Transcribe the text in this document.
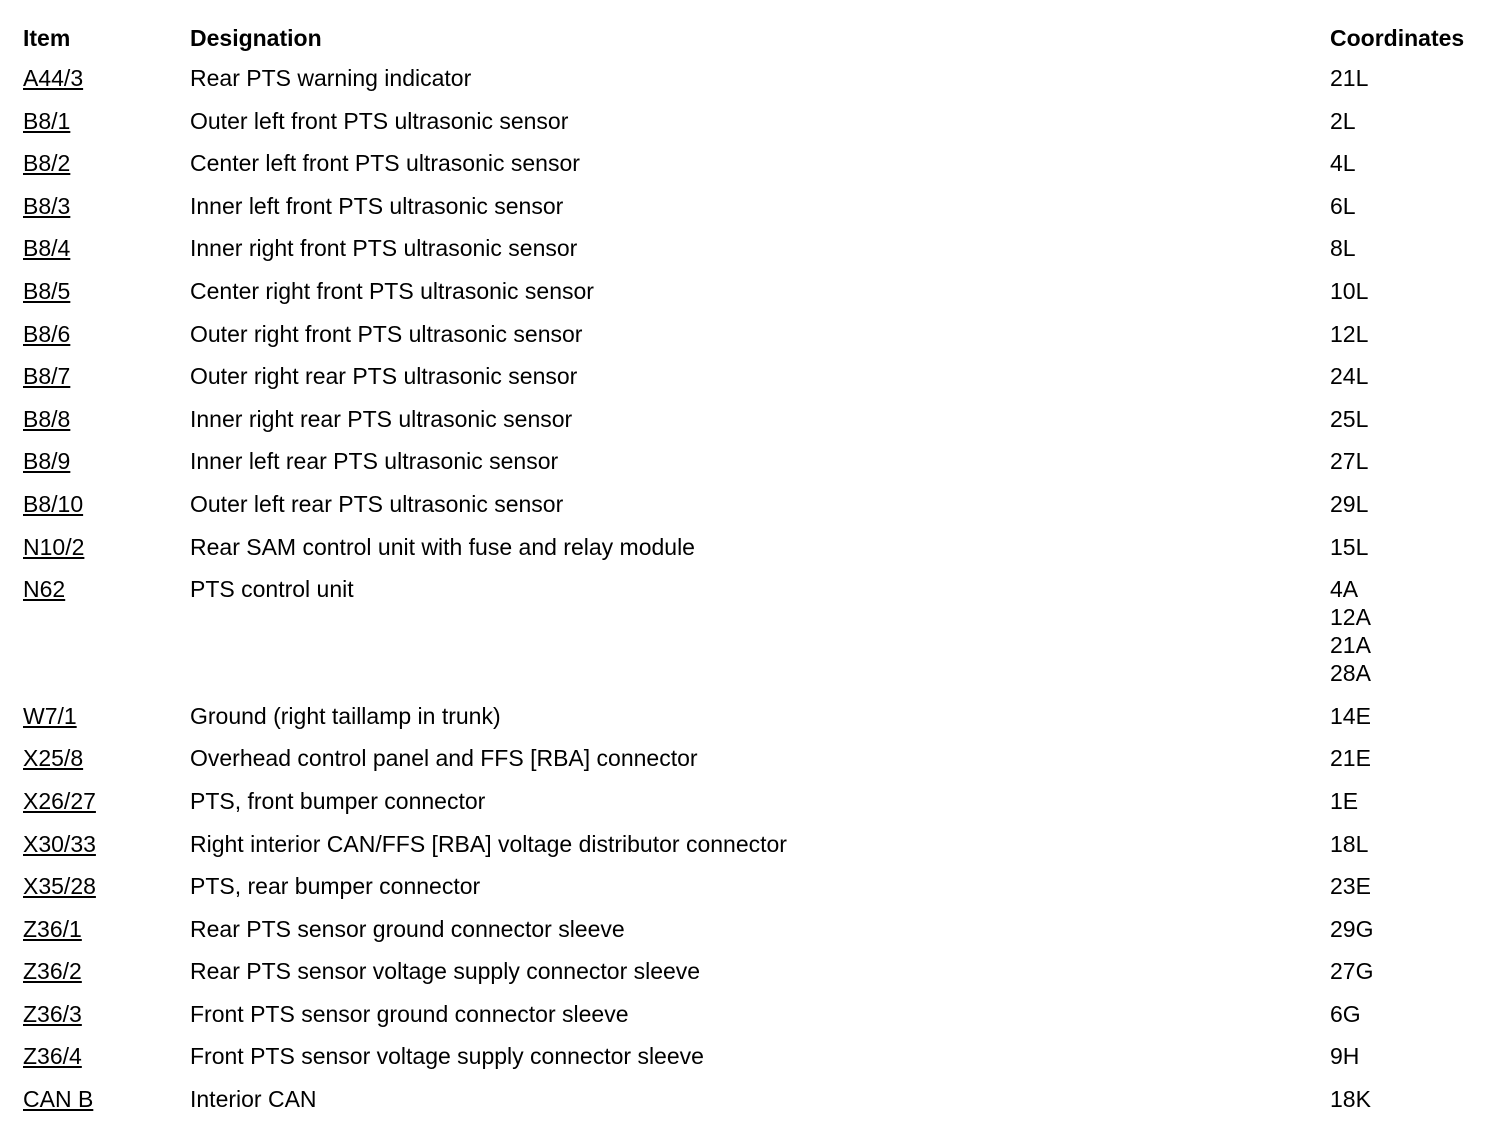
Item	Designation	Coordinates
A44/3	Rear PTS warning indicator	21L
B8/1	Outer left front PTS ultrasonic sensor	2L
B8/2	Center left front PTS ultrasonic sensor	4L
B8/3	Inner left front PTS ultrasonic sensor	6L
B8/4	Inner right front PTS ultrasonic sensor	8L
B8/5	Center right front PTS ultrasonic sensor	10L
B8/6	Outer right front PTS ultrasonic sensor	12L
B8/7	Outer right rear PTS ultrasonic sensor	24L
B8/8	Inner right rear PTS ultrasonic sensor	25L
B8/9	Inner left rear PTS ultrasonic sensor	27L
B8/10	Outer left rear PTS ultrasonic sensor	29L
N10/2	Rear SAM control unit with fuse and relay module	15L
N62	PTS control unit	4A
12A
21A
28A
W7/1	Ground (right taillamp in trunk)	14E
X25/8	Overhead control panel and FFS [RBA] connector	21E
X26/27	PTS, front bumper connector	1E
X30/33	Right interior CAN/FFS [RBA] voltage distributor connector	18L
X35/28	PTS, rear bumper connector	23E
Z36/1	Rear PTS sensor ground connector sleeve	29G
Z36/2	Rear PTS sensor voltage supply connector sleeve	27G
Z36/3	Front PTS sensor ground connector sleeve	6G
Z36/4	Front PTS sensor voltage supply connector sleeve	9H
CAN B	Interior CAN	18K
